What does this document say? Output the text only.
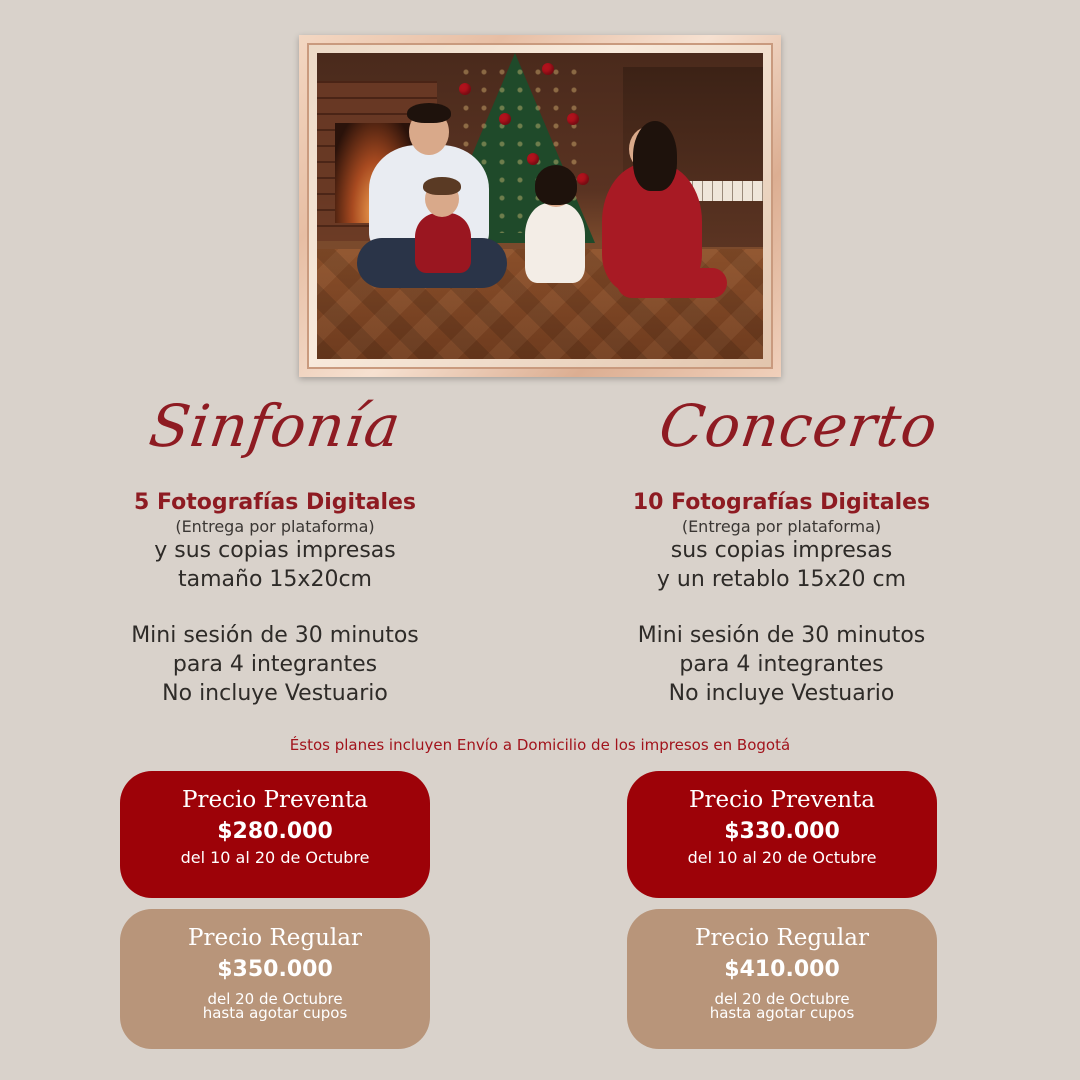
Sinfonía	Concerto
5 Fotografías Digitales
(Entrega por plataforma)
y sus copias impresas
tamaño 15x20cm
Mini sesión de 30 minutos
para 4 integrantes
No incluye Vestuario
10 Fotografías Digitales
(Entrega por plataforma)
sus copias impresas
y un retablo 15x20 cm
Mini sesión de 30 minutos
para 4 integrantes
No incluye Vestuario
Éstos planes incluyen Envío a Domicilio de los impresos en Bogotá
Precio Preventa
$280.000
del 10 al 20 de Octubre
Precio Preventa
$330.000
del 10 al 20 de Octubre
Precio Regular
$350.000
del 20 de Octubre
hasta agotar cupos
Precio Regular
$410.000
del 20 de Octubre
hasta agotar cupos
